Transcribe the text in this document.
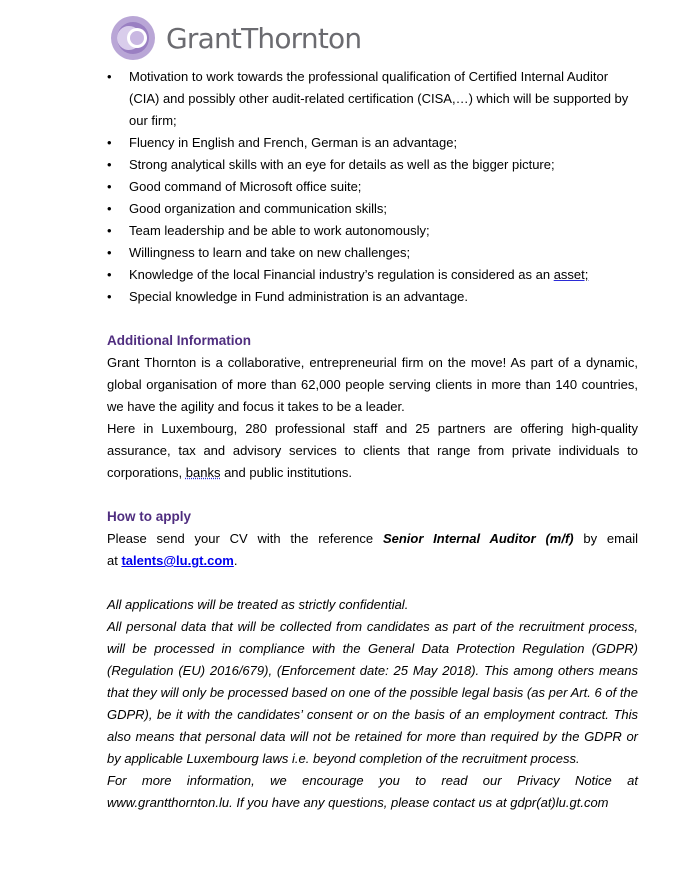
GrantThornton
•
Motivation to work towards the professional qualification of Certified Internal Auditor (CIA) and possibly other audit-related certification (CISA,…) which will be supported by our firm;
•
Fluency in English and French, German is an advantage;
•
Strong analytical skills with an eye for details as well as the bigger picture;
•
Good command of Microsoft office suite;
•
Good organization and communication skills;
•
Team leadership and be able to work autonomously;
•
Willingness to learn and take on new challenges;
•
Knowledge of the local Financial industry’s regulation is considered as an asset;
•
Special knowledge in Fund administration is an advantage.
Additional Information

Grant Thornton is a collaborative, entrepreneurial firm on the move! As part of a dynamic, global organisation of more than 62,000 people serving clients in more than 140 countries, we have the agility and focus it takes to be a leader.

Here in Luxembourg, 280 professional staff and 25 partners are offering high-quality assurance, tax and advisory services to clients that range from private individuals to corporations, banks and public institutions.

How to apply

Please send your CV with the reference Senior Internal Auditor (m/f) by email

at talents@lu.gt.com.

All applications will be treated as strictly confidential.

All personal data that will be collected from candidates as part of the recruitment process, will be processed in compliance with the General Data Protection Regulation (GDPR) (Regulation (EU) 2016/679), (Enforcement date: 25 May 2018). This among others means that they will only be processed based on one of the possible legal basis (as per Art. 6 of the GDPR), be it with the candidates’ consent or on the basis of an employment contract. This also means that personal data will not be retained for more than required by the GDPR or by applicable Luxembourg laws i.e. beyond completion of the recruitment process.

For more information, we encourage you to read our Privacy Notice at www.grantthornton.lu. If you have any questions, please contact us at gdpr(at)lu.gt.com
